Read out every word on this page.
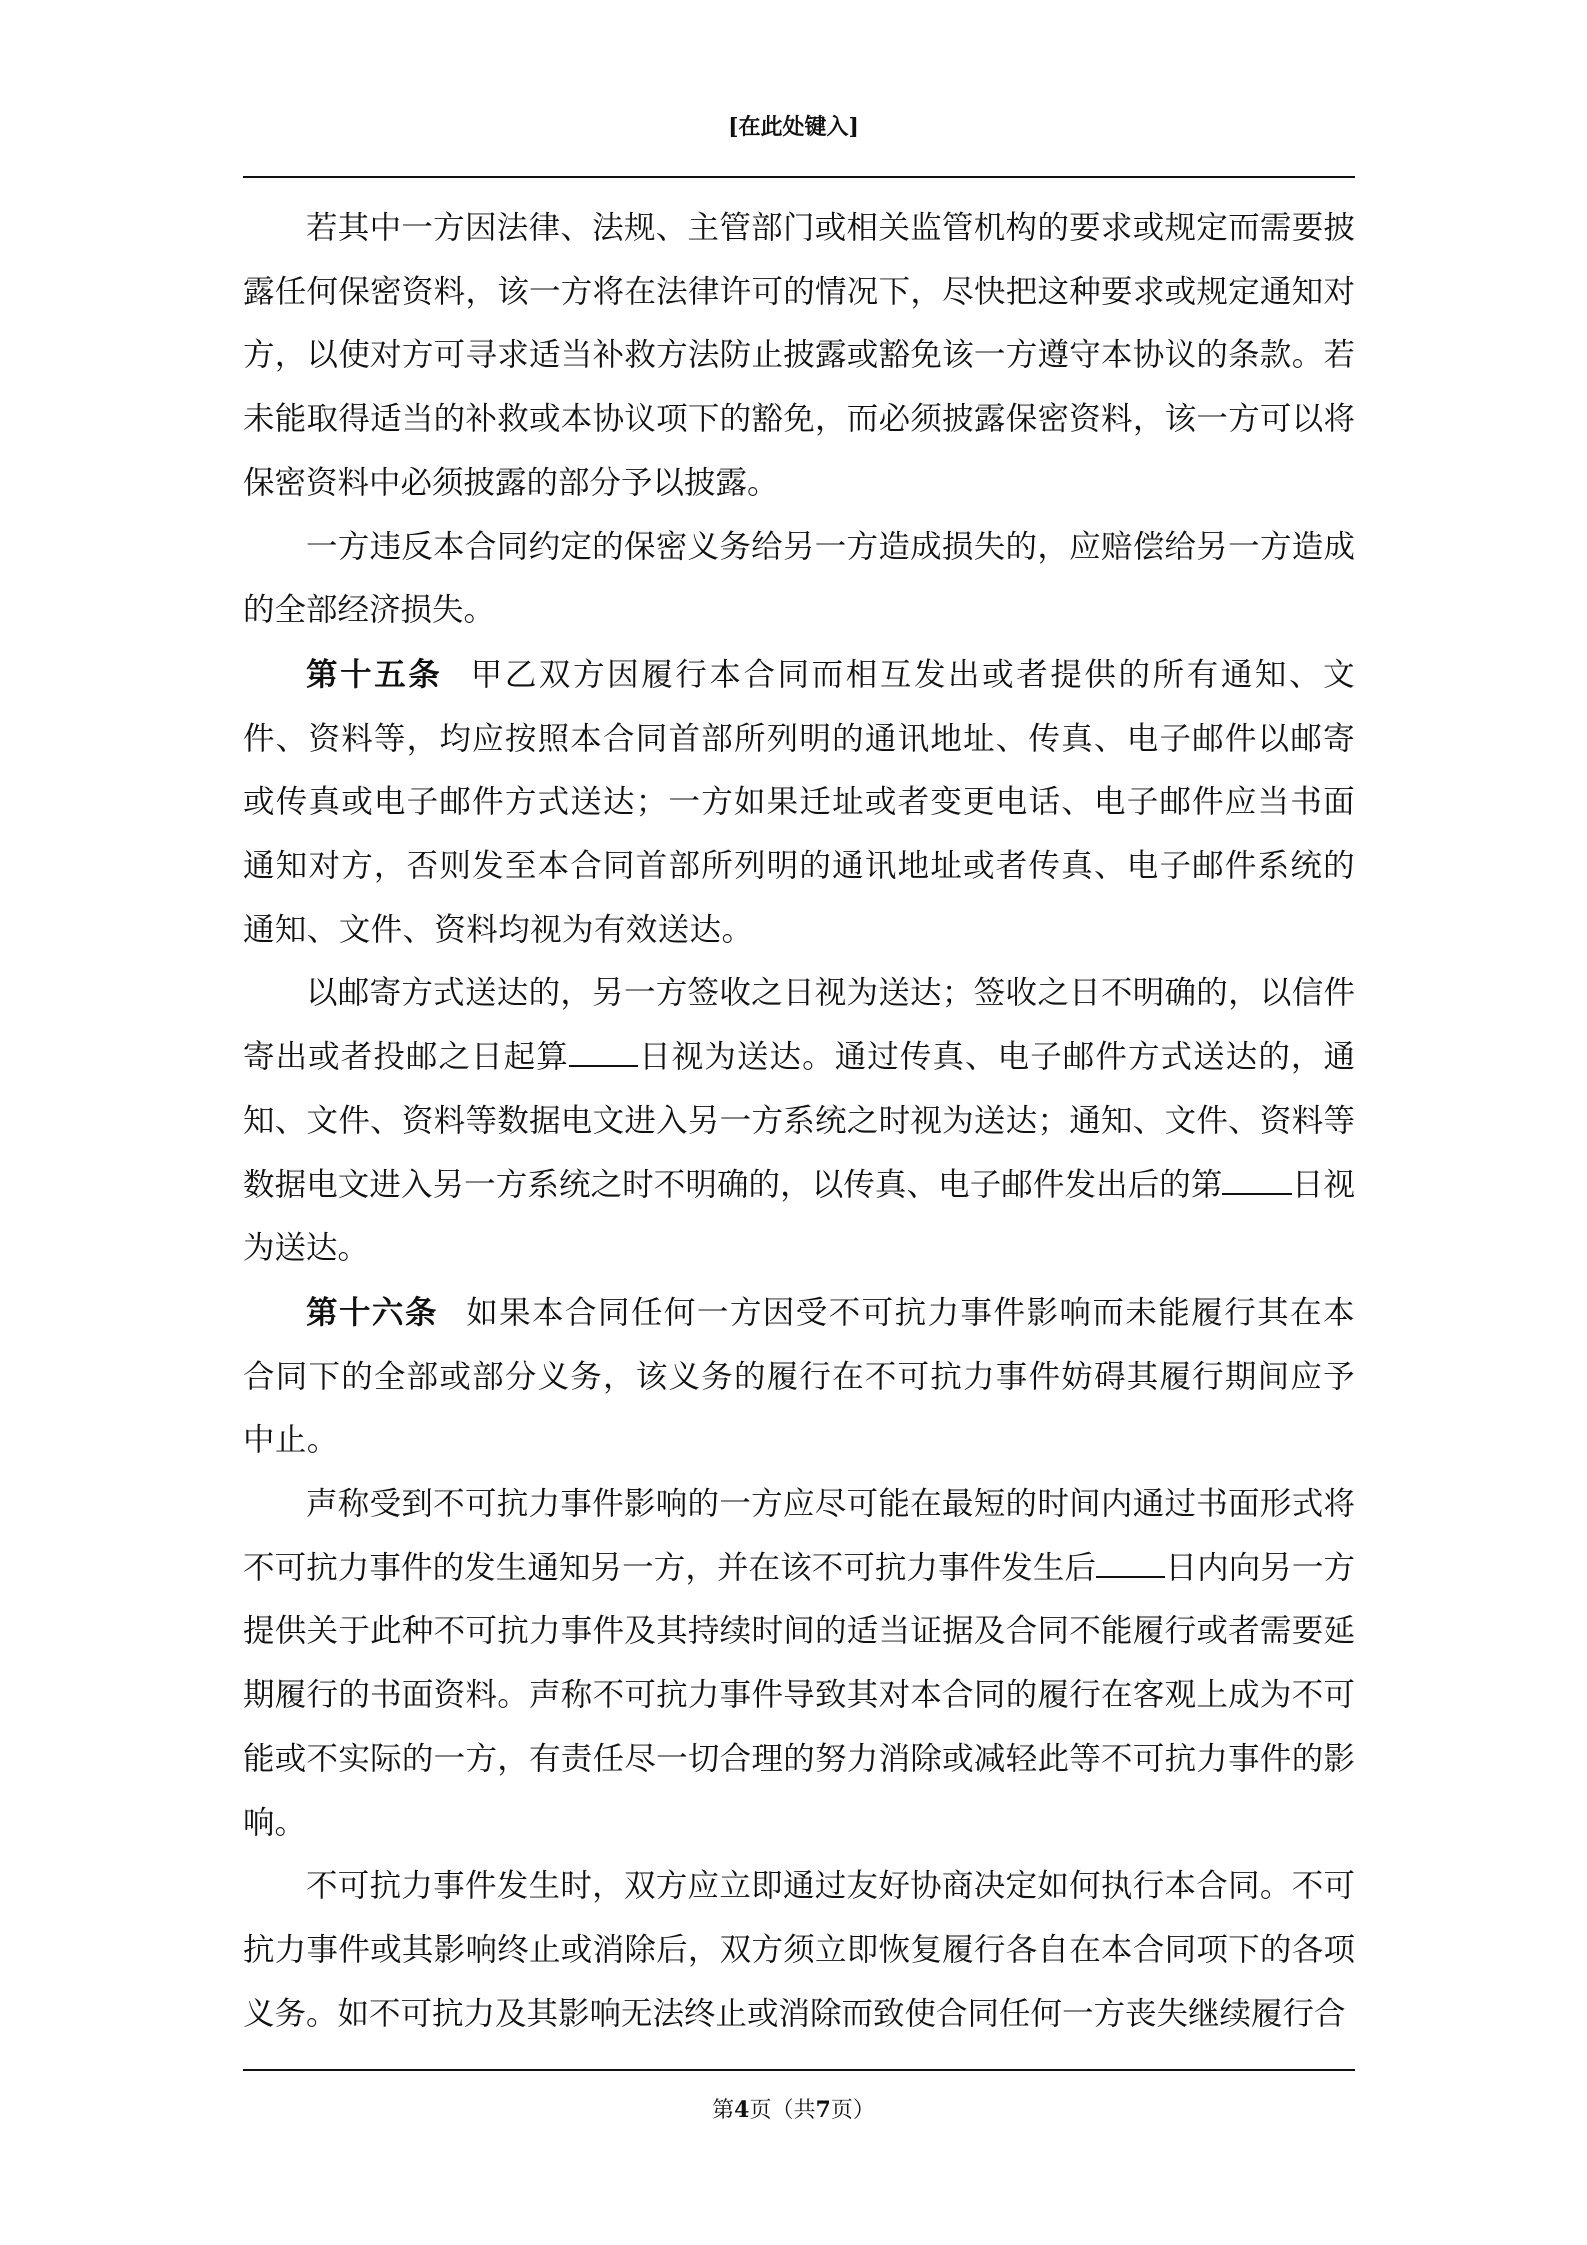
[在此处键入]

若其中一方因法律、法规、主管部门或相关监管机构的要求或规定而需要披露任何保密资料，该一方将在法律许可的情况下，尽快把这种要求或规定通知对方，以使对方可寻求适当补救方法防止披露或豁免该一方遵守本协议的条款。若未能取得适当的补救或本协议项下的豁免，而必须披露保密资料，该一方可以将保密资料中必须披露的部分予以披露。

一方违反本合同约定的保密义务给另一方造成损失的，应赔偿给另一方造成的全部经济损失。

第十五条 甲乙双方因履行本合同而相互发出或者提供的所有通知、文件、资料等，均应按照本合同首部所列明的通讯地址、传真、电子邮件以邮寄或传真或电子邮件方式送达；一方如果迁址或者变更电话、电子邮件应当书面通知对方，否则发至本合同首部所列明的通讯地址或者传真、电子邮件系统的通知、文件、资料均视为有效送达。

以邮寄方式送达的，另一方签收之日视为送达；签收之日不明确的，以信件寄出或者投邮之日起算 日视为送达。通过传真、电子邮件方式送达的，通知、文件、资料等数据电文进入另一方系统之时视为送达；通知、文件、资料等数据电文进入另一方系统之时不明确的，以传真、电子邮件发出后的第 日视为送达。

第十六条 如果本合同任何一方因受不可抗力事件影响而未能履行其在本合同下的全部或部分义务，该义务的履行在不可抗力事件妨碍其履行期间应予中止。

声称受到不可抗力事件影响的一方应尽可能在最短的时间内通过书面形式将不可抗力事件的发生通知另一方，并在该不可抗力事件发生后 日内向另一方提供关于此种不可抗力事件及其持续时间的适当证据及合同不能履行或者需要延期履行的书面资料。声称不可抗力事件导致其对本合同的履行在客观上成为不可能或不实际的一方，有责任尽一切合理的努力消除或减轻此等不可抗力事件的影响。

不可抗力事件发生时，双方应立即通过友好协商决定如何执行本合同。不可抗力事件或其影响终止或消除后，双方须立即恢复履行各自在本合同项下的各项义务。如不可抗力及其影响无法终止或消除而致使合同任何一方丧失继续履行合

第4页（共7页）
